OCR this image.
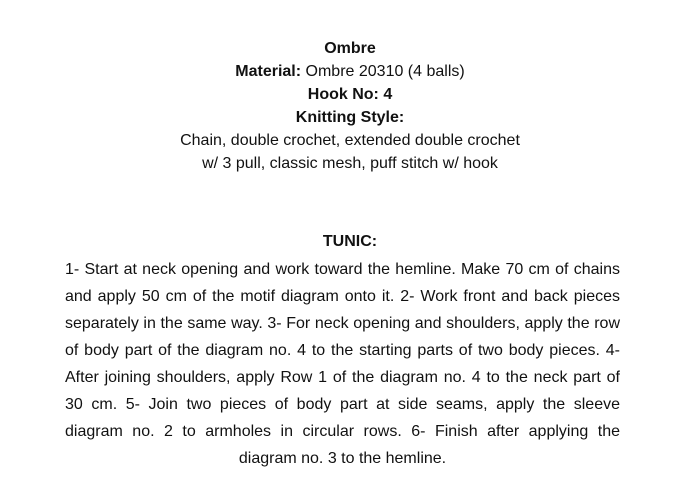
Ombre
Material: Ombre 20310 (4 balls)
Hook No: 4
Knitting Style:
Chain, double crochet, extended double crochet
w/ 3 pull, classic mesh, puff stitch w/ hook
TUNIC:

1- Start at neck opening and work toward the hemline. Make 70 cm of chains and apply 50 cm of the motif diagram onto it. 2- Work front and back pieces separately in the same way. 3- For neck opening and shoulders, apply the row of body part of the diagram no. 4 to the starting parts of two body pieces. 4- After joining shoulders, apply Row 1 of the diagram no. 4 to the neck part of 30 cm. 5- Join two pieces of body part at side seams, apply the sleeve diagram no. 2 to armholes in circular rows. 6- Finish after applying the diagram no. 3 to the hemline.
